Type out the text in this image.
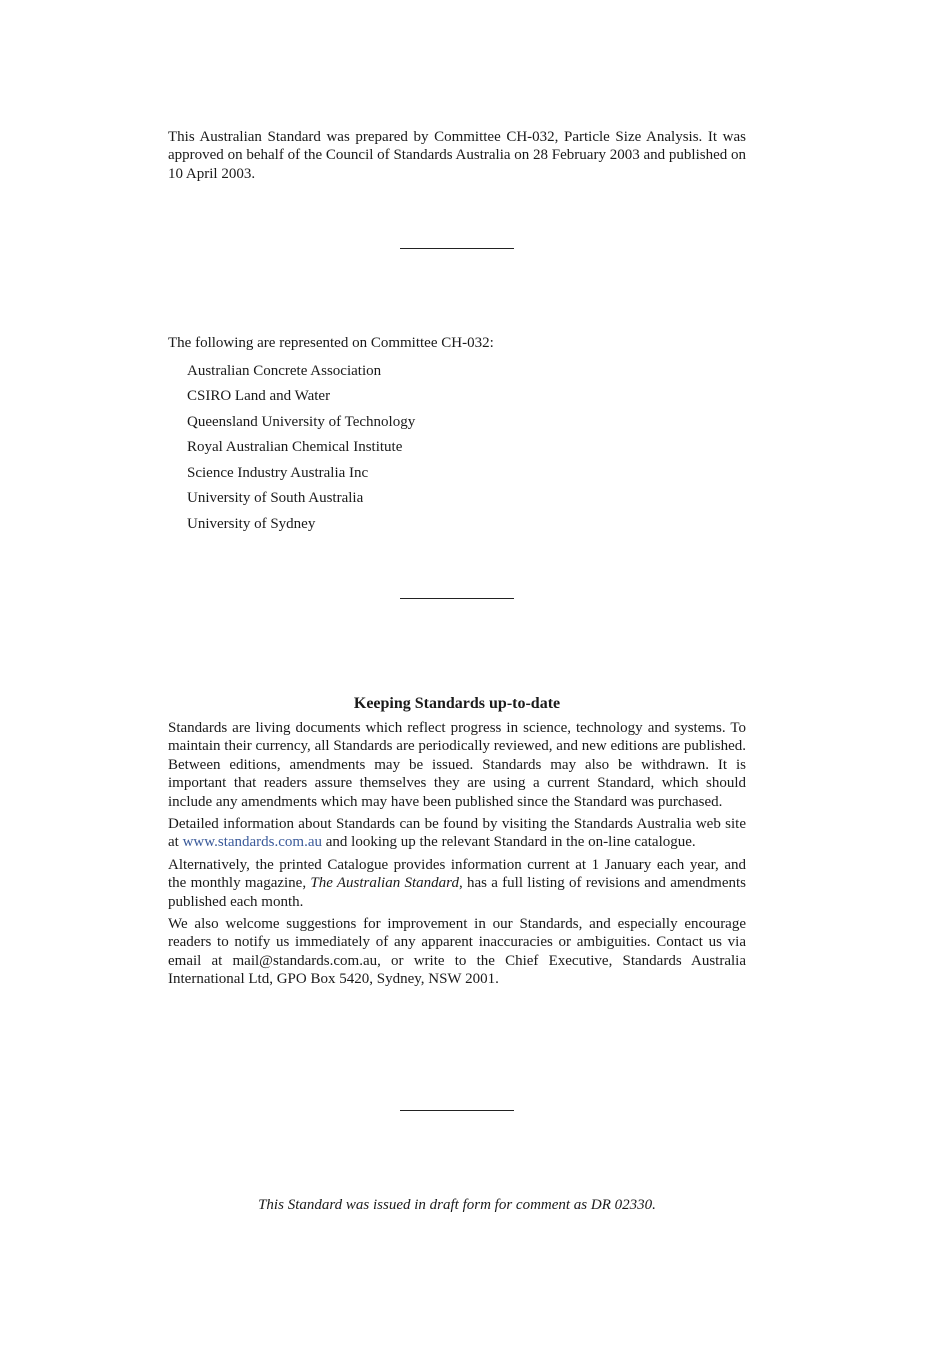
This Australian Standard was prepared by Committee CH-032, Particle Size Analysis. It was approved on behalf of the Council of Standards Australia on 28 February 2003 and published on 10 April 2003.

The following are represented on Committee CH-032:
Australian Concrete Association
CSIRO Land and Water
Queensland University of Technology
Royal Australian Chemical Institute
Science Industry Australia Inc
University of South Australia
University of Sydney
Keeping Standards up-to-date

Standards are living documents which reflect progress in science, technology and systems. To maintain their currency, all Standards are periodically reviewed, and new editions are published. Between editions, amendments may be issued. Standards may also be withdrawn. It is important that readers assure themselves they are using a current Standard, which should include any amendments which may have been published since the Standard was purchased.

Detailed information about Standards can be found by visiting the Standards Australia web site at www.standards.com.au and looking up the relevant Standard in the on-line catalogue.

Alternatively, the printed Catalogue provides information current at 1 January each year, and the monthly magazine, The Australian Standard, has a full listing of revisions and amendments published each month.

We also welcome suggestions for improvement in our Standards, and especially encourage readers to notify us immediately of any apparent inaccuracies or ambiguities. Contact us via email at mail@standards.com.au, or write to the Chief Executive, Standards Australia International Ltd, GPO Box 5420, Sydney, NSW 2001.

This Standard was issued in draft form for comment as DR 02330.
